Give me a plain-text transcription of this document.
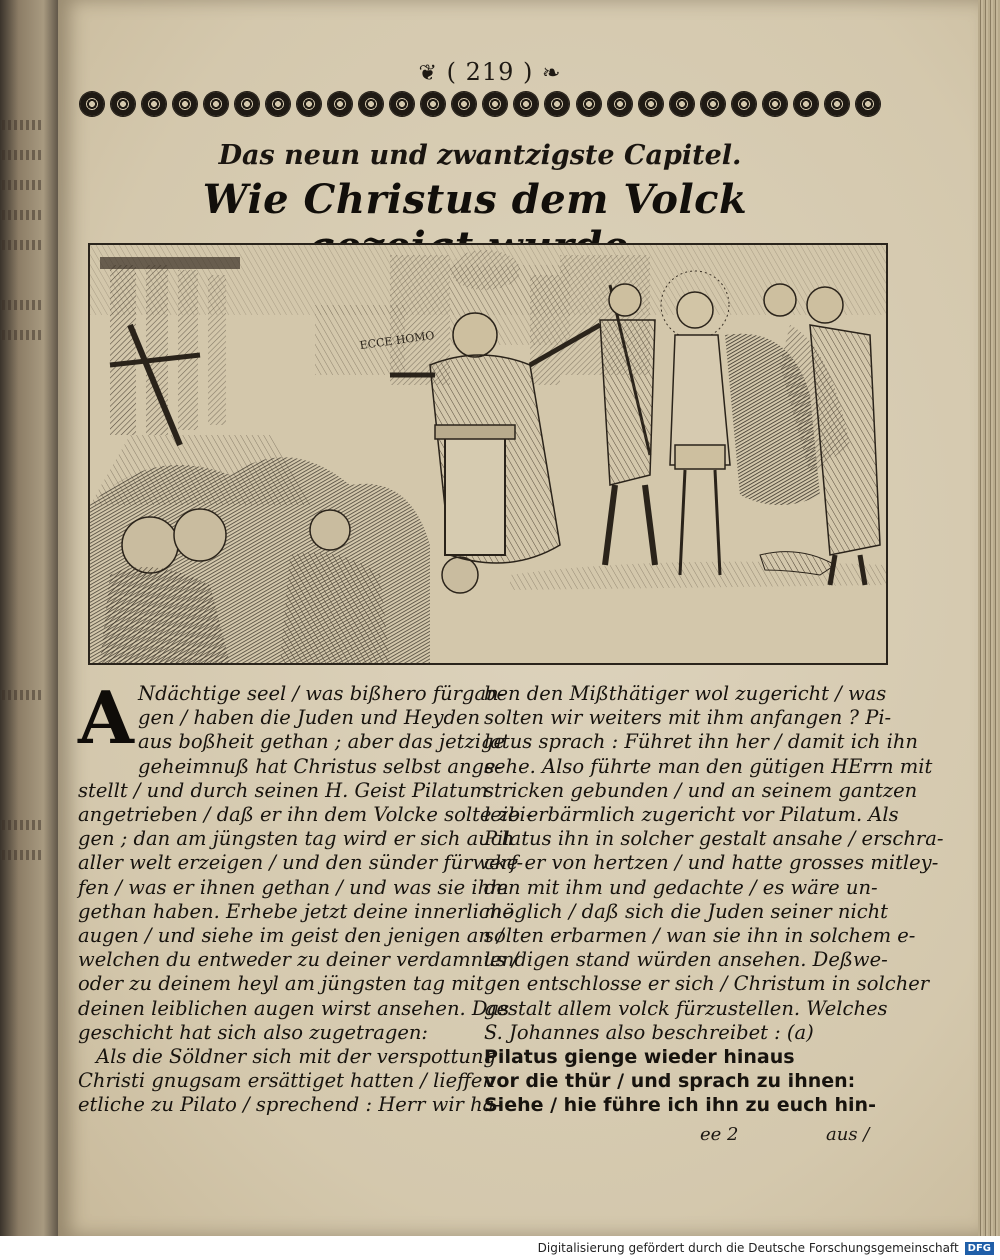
❦ ( 219 ) ❧
Das neun und zwantzigste Capitel.
Wie Christus dem Volck
ECCE HOMO
A Ndächtige seel / was bißhero fürgan-
gen / haben die Juden und Heyden
aus boßheit gethan ; aber das jetzige
geheimnuß hat Christus selbst ange-
stellt / und durch seinen H. Geist Pilatum
angetrieben / daß er ihn dem Volcke solte zei-
gen ; dan am jüngsten tag wird er sich auch
aller welt erzeigen / und den sünder fürwerf-
fen / was er ihnen gethan / und was sie ihm
gethan haben. Erhebe jetzt deine innerliche
augen / und siehe im geist den jenigen an /
welchen du entweder zu deiner verdamnus /
oder zu deinem heyl am jüngsten tag mit
deinen leiblichen augen wirst ansehen. Das
geschicht hat sich also zugetragen:
Als die Söldner sich mit der verspottung
Christi gnugsam ersättiget hatten / lieffen
etliche zu Pilato / sprechend : Herr wir ha-
ben den Mißthätiger wol zugericht / was
solten wir weiters mit ihm anfangen ? Pi-
latus sprach : Führet ihn her / damit ich ihn
sehe. Also führte man den gütigen HErrn mit
stricken gebunden / und an seinem gantzen
leib erbärmlich zugericht vor Pilatum. Als
Pilatus ihn in solcher gestalt ansahe / erschra-
cke er von hertzen / und hatte grosses mitley-
den mit ihm und gedachte / es wäre un-
möglich / daß sich die Juden seiner nicht
solten erbarmen / wan sie ihn in solchem e-
lendigen stand würden ansehen. Deßwe-
gen entschlosse er sich / Christum in solcher
gestalt allem volck fürzustellen. Welches
S. Johannes also beschreibet : (a)
Pilatus gienge wieder hinaus
vor die thür / und sprach zu ihnen:
Siehe / hie führe ich ihn zu euch hin-
ee 2	aus /
Digitalisierung gefördert durch die Deutsche Forschungsgemeinschaft DFG
